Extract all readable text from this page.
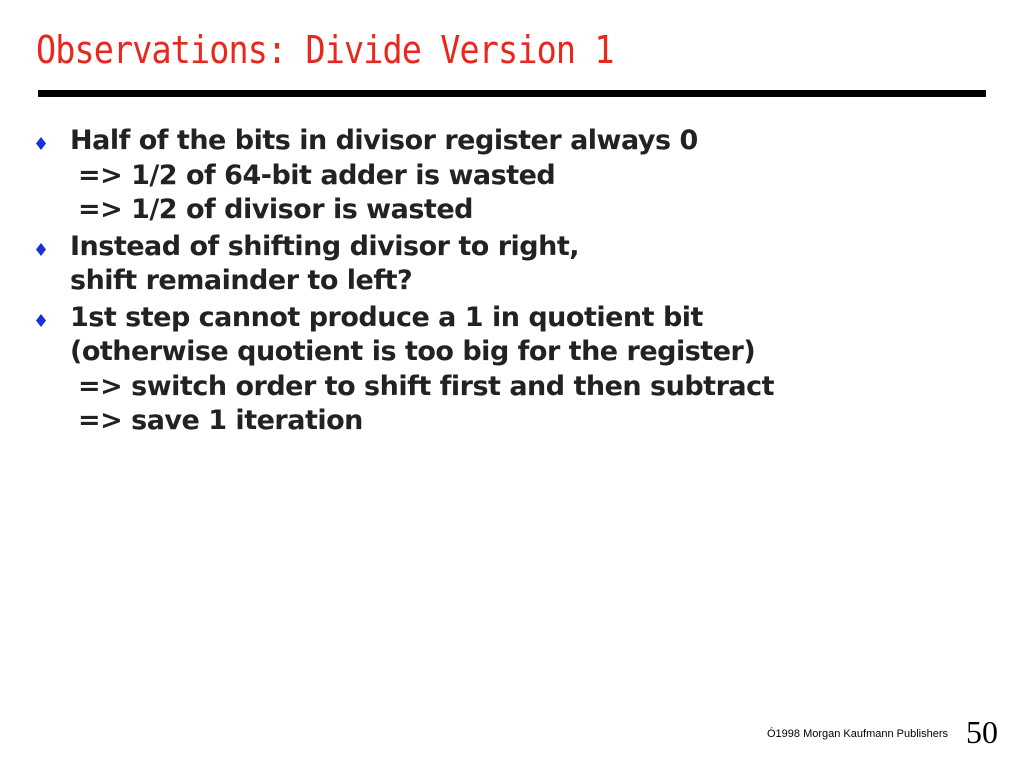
Observations: Divide Version 1
Half of the bits in divisor register always 0
=> 1/2 of 64-bit adder is wasted
=> 1/2 of divisor is wasted
Instead of shifting divisor to right,
shift remainder to left?
1st step cannot produce a 1 in quotient bit
(otherwise quotient is too big for the register)
=> switch order to shift first and then subtract
=> save 1 iteration
Ó1998 Morgan Kaufmann Publishers 50
